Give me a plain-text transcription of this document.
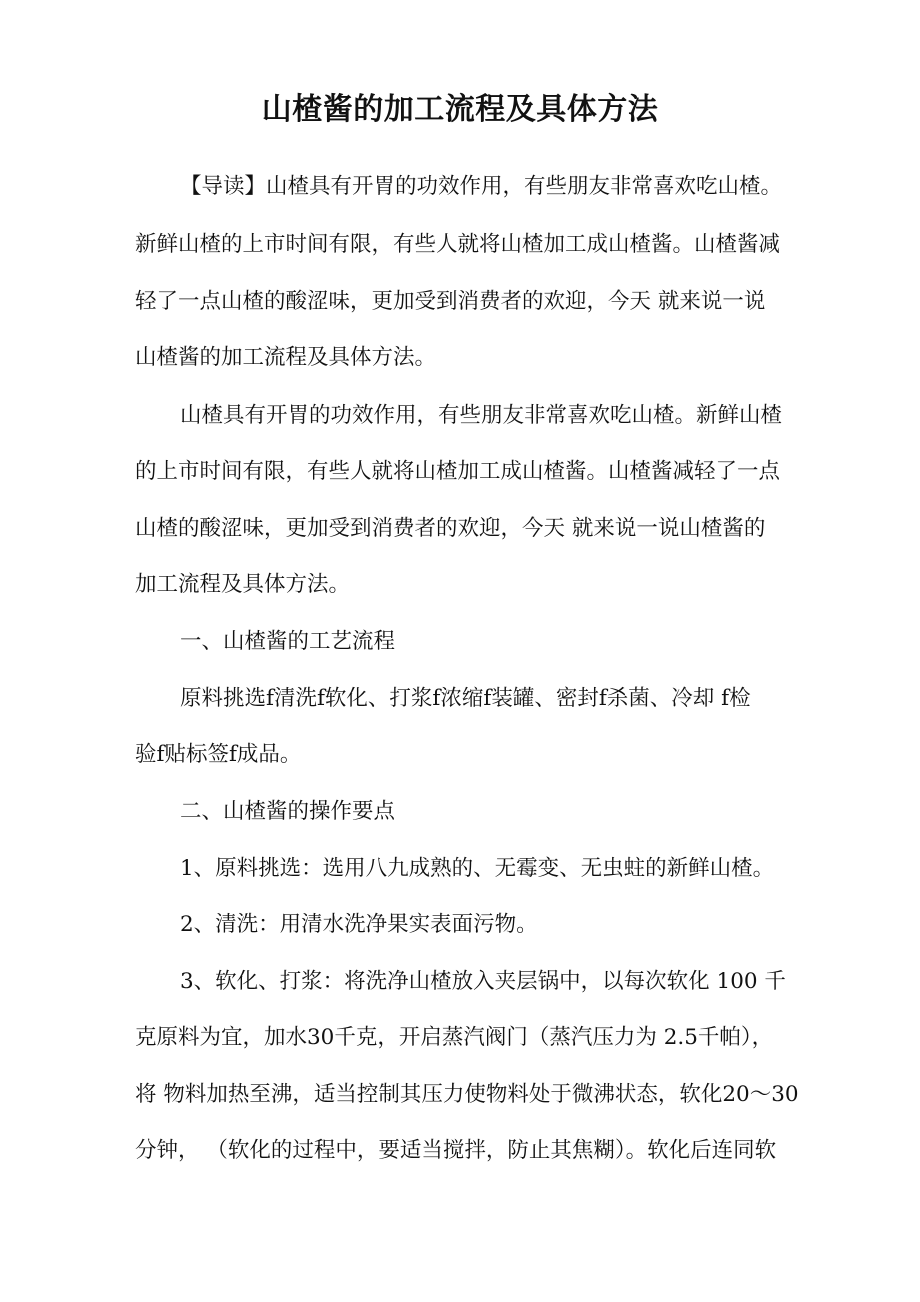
山楂酱的加工流程及具体方法

【导读】山楂具有开胃的功效作用，有些朋友非常喜欢吃山楂。

新鲜山楂的上市时间有限，有些人就将山楂加工成山楂酱。山楂酱减

轻了一点山楂的酸涩味，更加受到消费者的欢迎，今天 就来说一说

山楂酱的加工流程及具体方法。

山楂具有开胃的功效作用，有些朋友非常喜欢吃山楂。新鲜山楂

的上市时间有限，有些人就将山楂加工成山楂酱。山楂酱减轻了一点

山楂的酸涩味，更加受到消费者的欢迎，今天 就来说一说山楂酱的

加工流程及具体方法。

一、山楂酱的工艺流程

原料挑选f清洗f软化、打浆f浓缩f装罐、密封f杀菌、冷却 f检

验f贴标签f成品。

二、山楂酱的操作要点

1、原料挑选：选用八九成熟的、无霉变、无虫蛀的新鲜山楂。

2、清洗：用清水洗净果实表面污物。

3、软化、打浆：将洗净山楂放入夹层锅中，以每次软化 100 千

克原料为宜，加水30千克，开启蒸汽阀门（蒸汽压力为 2.5千帕），

将 物料加热至沸，适当控制其压力使物料处于微沸状态，软化20〜30

分钟， （软化的过程中，要适当搅拌，防止其焦糊）。软化后连同软
